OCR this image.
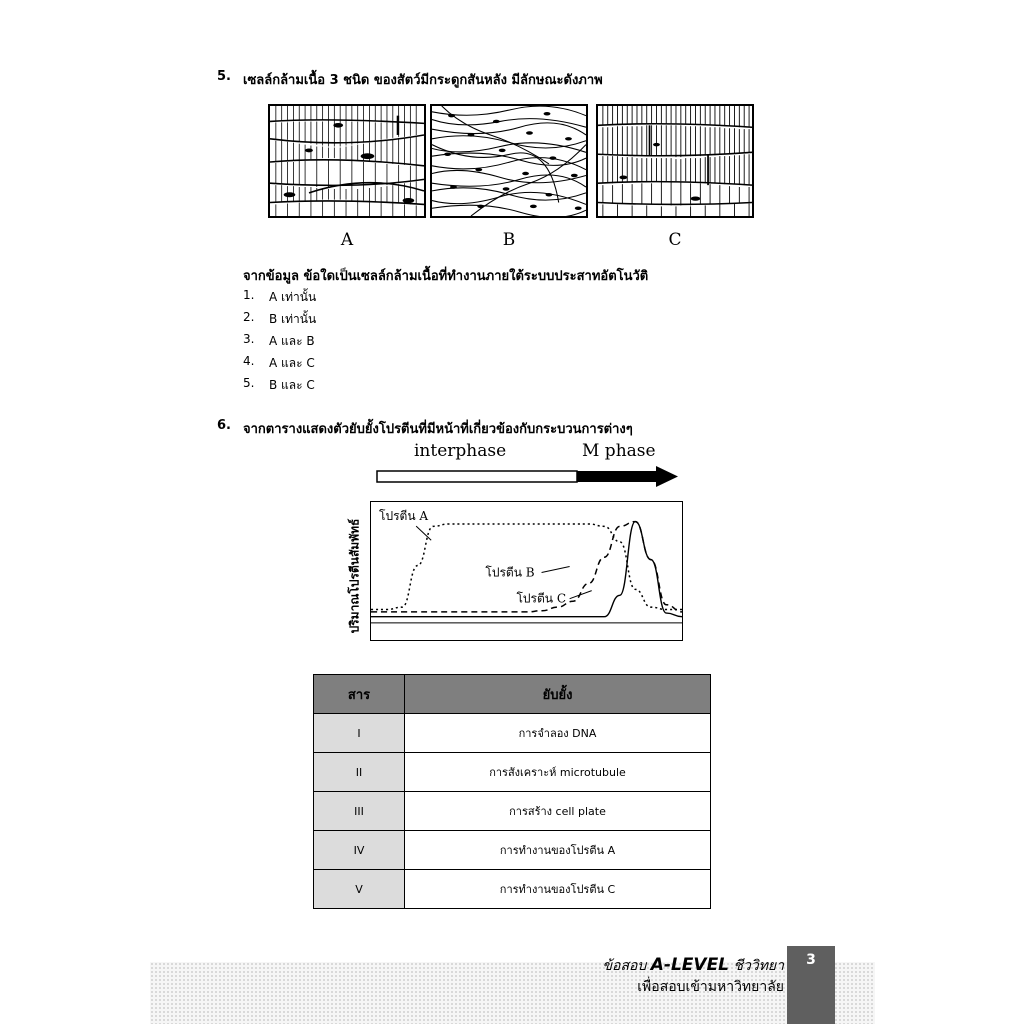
5. เซลล์กล้ามเนื้อ 3 ชนิด ของสัตว์มีกระดูกสันหลัง มีลักษณะดังภาพ
A	B	C
จากข้อมูล ข้อใดเป็นเซลล์กล้ามเนื้อที่ทำงานภายใต้ระบบประสาทอัตโนวัติ
1.	A เท่านั้น
2.	B เท่านั้น
3.	A และ B
4.	A และ C
5.	B และ C
6. จากตารางแสดงตัวยับยั้งโปรตีนที่มีหน้าที่เกี่ยวข้องกับกระบวนการต่างๆ
interphase	M phase
ปริมาณโปรตีนสัมพัทธ์
โปรตีน A
โปรตีน B
โปรตีน C
สาร	ยับยั้ง
I	การจำลอง DNA
II	การสังเคราะห์ microtubule
III	การสร้าง cell plate
IV	การทำงานของโปรตีน A
V	การทำงานของโปรตีน C
ข้อสอบ A-LEVEL ชีววิทยา
เพื่อสอบเข้ามหาวิทยาลัย
3
